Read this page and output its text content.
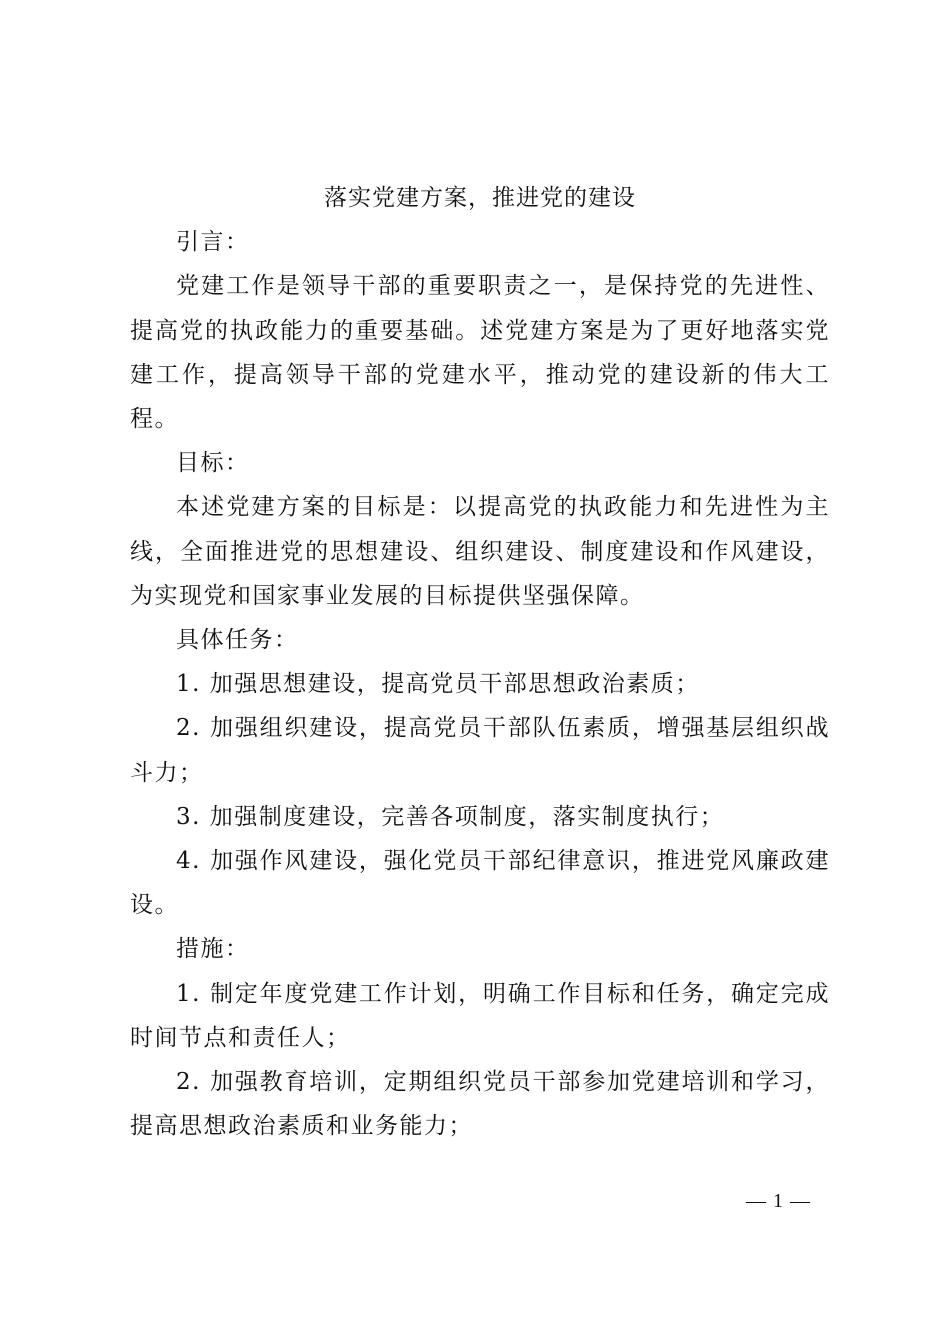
落实党建方案，推进党的建设

引言：

党建工作是领导干部的重要职责之一，是保持党的先进性、提高党的执政能力的重要基础。述党建方案是为了更好地落实党建工作，提高领导干部的党建水平，推动党的建设新的伟大工程。

目标：

本述党建方案的目标是：以提高党的执政能力和先进性为主线，全面推进党的思想建设、组织建设、制度建设和作风建设，为实现党和国家事业发展的目标提供坚强保障。

具体任务：

1. 加强思想建设，提高党员干部思想政治素质；

2. 加强组织建设，提高党员干部队伍素质，增强基层组织战斗力；

3. 加强制度建设，完善各项制度，落实制度执行；

4. 加强作风建设，强化党员干部纪律意识，推进党风廉政建设。

措施：

1. 制定年度党建工作计划，明确工作目标和任务，确定完成时间节点和责任人；

2. 加强教育培训，定期组织党员干部参加党建培训和学习，提高思想政治素质和业务能力；

— 1 —
